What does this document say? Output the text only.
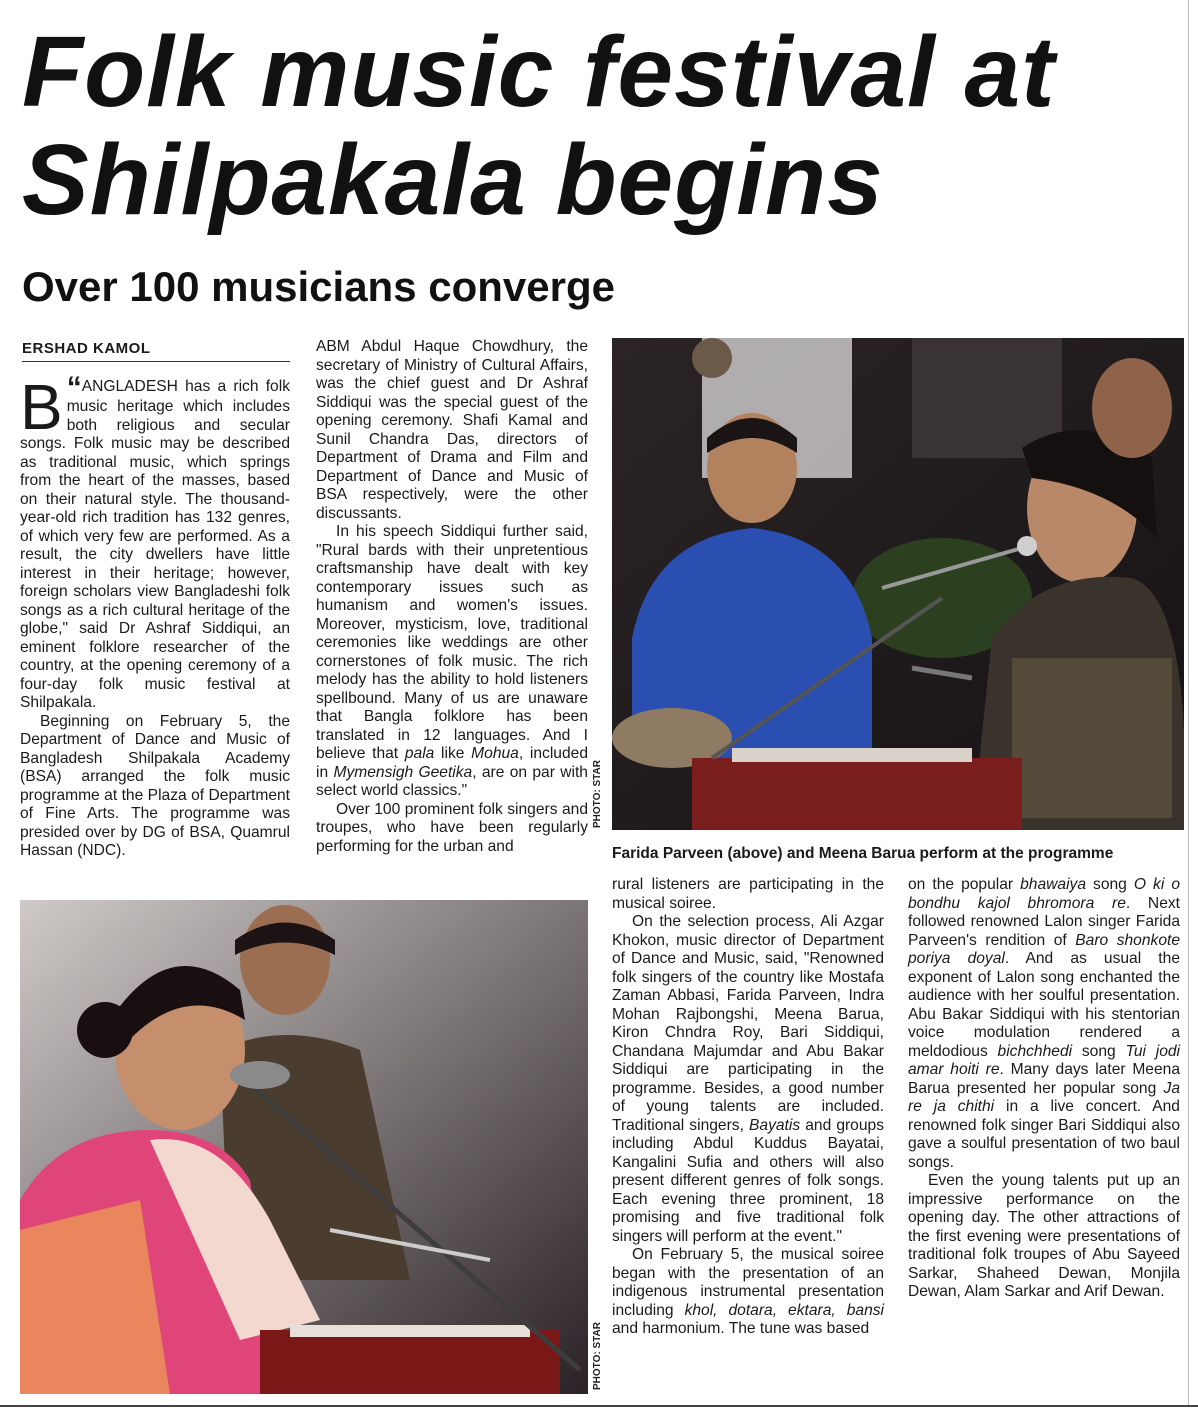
Folk music festival at
Shilpakala begins
Over 100 musicians converge
ERSHAD KAMOL

“
B ANGLADESH has a rich folk music heritage which includes both religious and secular songs. Folk music may be described as traditional music, which springs from the heart of the masses, based on their natural style. The thousand-year-old rich tradition has 132 genres, of which very few are performed. As a result, the city dwellers have little interest in their heritage; however, foreign scholars view Bangladeshi folk songs as a rich cultural heritage of the globe," said Dr Ashraf Siddiqui, an eminent folklore researcher of the country, at the opening ceremony of a four-day folk music festival at Shilpakala.

Beginning on February 5, the Department of Dance and Music of Bangladesh Shilpakala Academy (BSA) arranged the folk music programme at the Plaza of Department of Fine Arts. The programme was presided over by DG of BSA, Quamrul Hassan (NDC).

ABM Abdul Haque Chowdhury, the secretary of Ministry of Cultural Affairs, was the chief guest and Dr Ashraf Siddiqui was the special guest of the opening ceremony. Shafi Kamal and Sunil Chandra Das, directors of Department of Drama and Film and Department of Dance and Music of BSA respectively, were the other discussants.

In his speech Siddiqui further said, "Rural bards with their unpretentious craftsmanship have dealt with key contemporary issues such as humanism and women's issues. Moreover, mysticism, love, traditional ceremonies like weddings are other cornerstones of folk music. The rich melody has the ability to hold listeners spellbound. Many of us are unaware that Bangla folklore has been translated in 12 languages. And I believe that pala like Mohua, included in Mymensigh Geetika, are on par with select world classics."

Over 100 prominent folk singers and troupes, who have been regularly performing for the urban and

PHOTO: STAR
Farida Parveen (above) and Meena Barua perform at the programme
PHOTO: STAR

rural listeners are participating in the musical soiree.

On the selection process, Ali Azgar Khokon, music director of Department of Dance and Music, said, "Renowned folk singers of the country like Mostafa Zaman Abbasi, Farida Parveen, Indra Mohan Rajbongshi, Meena Barua, Kiron Chndra Roy, Bari Siddiqui, Chandana Majumdar and Abu Bakar Siddiqui are participating in the programme. Besides, a good number of young talents are included. Traditional singers, Bayatis and groups including Abdul Kuddus Bayatai, Kangalini Sufia and others will also present different genres of folk songs. Each evening three prominent, 18 promising and five traditional folk singers will perform at the event."

On February 5, the musical soiree began with the presentation of an indigenous instrumental presentation including khol, dotara, ektara, bansi and harmonium. The tune was based

on the popular bhawaiya song O ki o bondhu kajol bhromora re. Next followed renowned Lalon singer Farida Parveen's rendition of Baro shonkote poriya doyal. And as usual the exponent of Lalon song enchanted the audience with her soulful presentation. Abu Bakar Siddiqui with his stentorian voice modulation rendered a meldodious bichchhedi song Tui jodi amar hoiti re. Many days later Meena Barua presented her popular song Ja re ja chithi in a live concert. And renowned folk singer Bari Siddiqui also gave a soulful presentation of two baul songs.

Even the young talents put up an impressive performance on the opening day. The other attractions of the first evening were presentations of traditional folk troupes of Abu Sayeed Sarkar, Shaheed Dewan, Monjila Dewan, Alam Sarkar and Arif Dewan.
